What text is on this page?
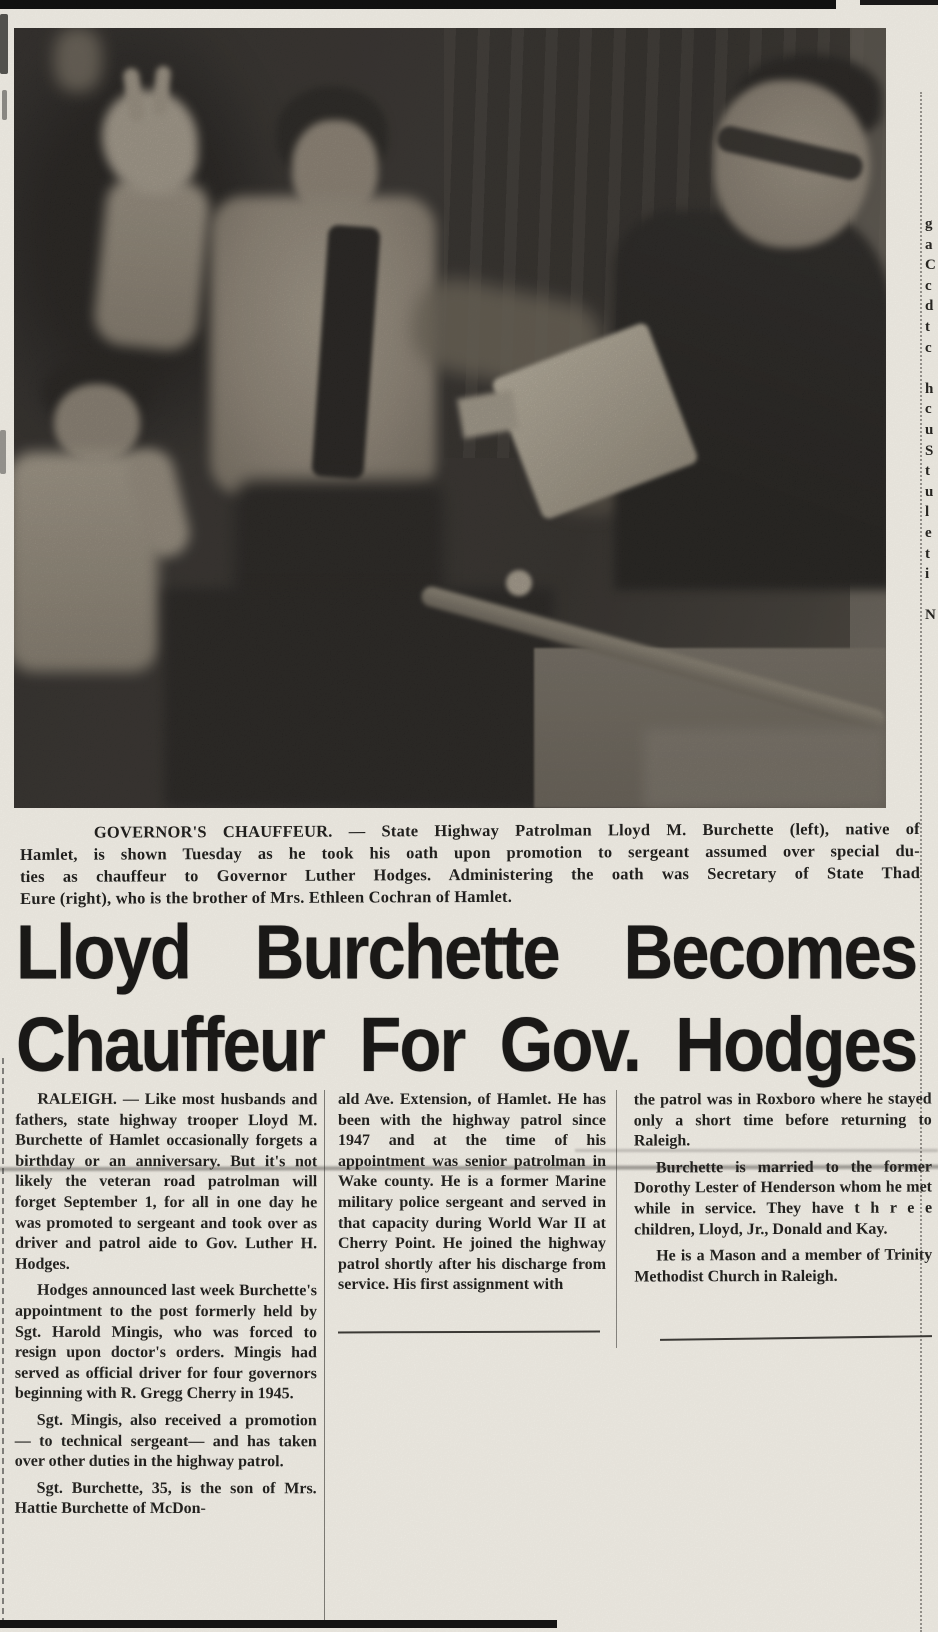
GOVERNOR'S CHAUFFEUR. — State Highway Patrolman Lloyd M. Burchette (left), native of
Hamlet, is shown Tuesday as he took his oath upon promotion to sergeant assumed over special du-
ties as chauffeur to Governor Luther Hodges. Administering the oath was Secretary of State Thad
Eure (right), who is the brother of Mrs. Ethleen Cochran of Hamlet.
Lloyd Burchette Becomes
Chauffeur For Gov. Hodges

RALEIGH. — Like most husbands and fathers, state highway trooper Lloyd M. Burchette of Hamlet occasionally forgets a birthday or an anniversary. But it's not likely the veteran road patrolman will forget September 1, for all in one day he was promoted to sergeant and took over as driver and patrol aide to Gov. Luther H. Hodges.

Hodges announced last week Burchette's appointment to the post formerly held by Sgt. Harold Mingis, who was forced to resign upon doctor's orders. Mingis had served as official driver for four governors beginning with R. Gregg Cherry in 1945.

Sgt. Mingis, also received a promotion — to technical sergeant— and has taken over other duties in the highway patrol.

Sgt. Burchette, 35, is the son of Mrs. Hattie Burchette of McDon-

ald Ave. Extension, of Hamlet. He has been with the highway patrol since 1947 and at the time of his appointment was senior patrolman in Wake county. He is a former Marine military police sergeant and served in that capacity during World War II at Cherry Point. He joined the highway patrol shortly after his discharge from service. His first assignment with

the patrol was in Roxboro where he stayed only a short time before returning to Raleigh.

Burchette is married to the former Dorothy Lester of Henderson whom he met while in service. They have t h r e e children, Lloyd, Jr., Donald and Kay.

He is a Mason and a member of Trinity Methodist Church in Raleigh.

g
a
C
c
d
t
c
h
c
u
S
t
u
l
e
t
i
N
